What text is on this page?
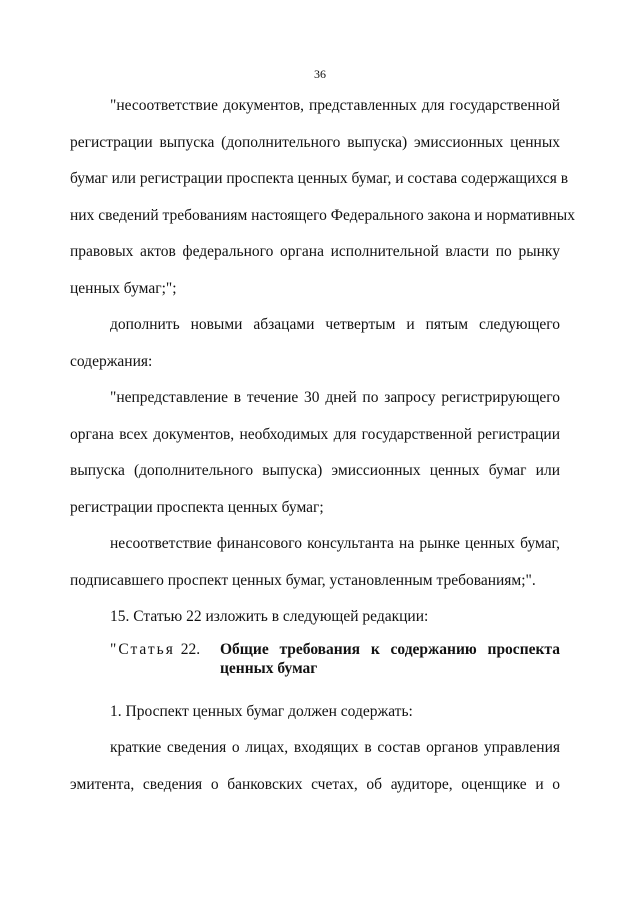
36
"несоответствие документов, представленных для государственной
регистрации выпуска (дополнительного выпуска) эмиссионных ценных
бумаг или регистрации проспекта ценных бумаг, и состава содержащихся в
них сведений требованиям настоящего Федерального закона и нормативных
правовых актов федерального органа исполнительной власти по рынку
ценных бумаг;";
дополнить новыми абзацами четвертым и пятым следующего
содержания:
"непредставление в течение 30 дней по запросу регистрирующего
органа всех документов, необходимых для государственной регистрации
выпуска (дополнительного выпуска) эмиссионных ценных бумаг или
регистрации проспекта ценных бумаг;
несоответствие финансового консультанта на рынке ценных бумаг,
подписавшего проспект ценных бумаг, установленным требованиям;".
15. Статью 22 изложить в следующей редакции:
"Статья 22.	Общие требования к содержанию проспекта
ценных бумаг
1. Проспект ценных бумаг должен содержать:
краткие сведения о лицах, входящих в состав органов управления
эмитента, сведения о банковских счетах, об аудиторе, оценщике и о
